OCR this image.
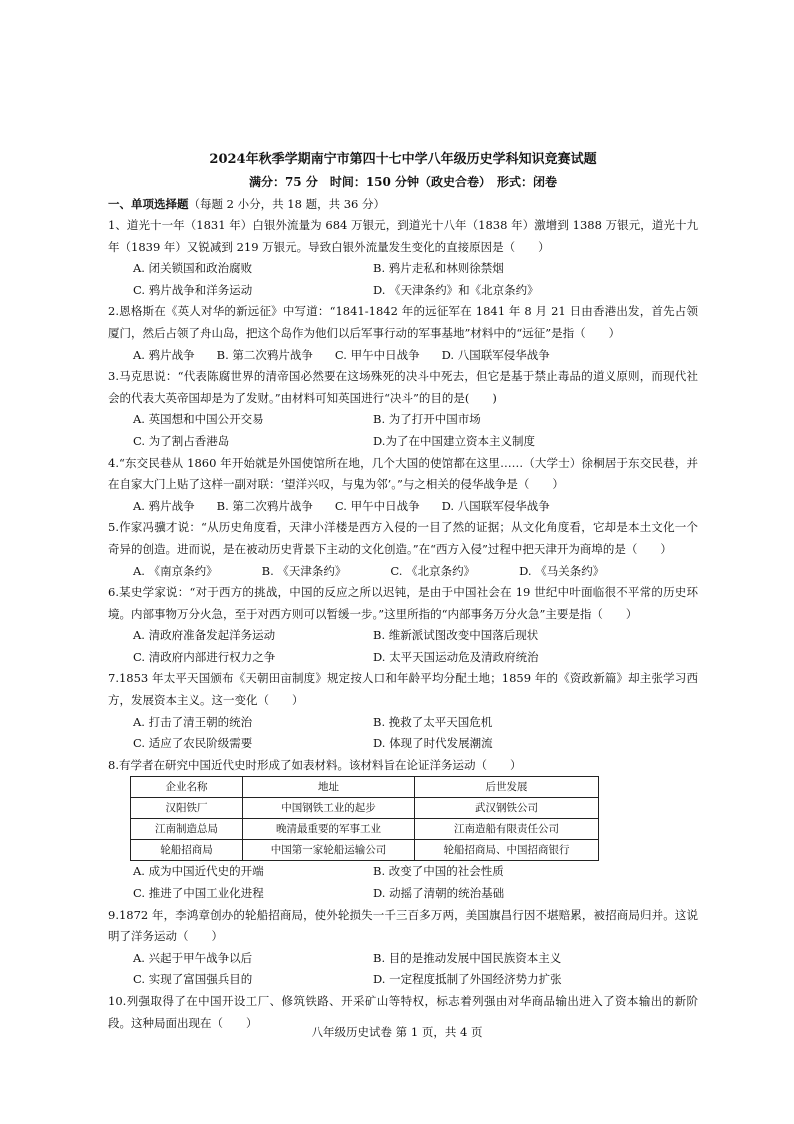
2024年秋季学期南宁市第四十七中学八年级历史学科知识竞赛试题
满分：75 分　时间：150 分钟（政史合卷）　形式：闭卷
一、单项选择题（每题 2 小分，共 18 题，共 36 分）

1、道光十一年（1831 年）白银外流量为 684 万银元，到道光十八年（1838 年）激增到 1388 万银元，道光十九年（1839 年）又锐减到 219 万银元。导致白银外流量发生变化的直接原因是（　　）

A. 闭关锁国和政治腐败	B. 鸦片走私和林则徐禁烟
C. 鸦片战争和洋务运动	D. 《天津条约》和《北京条约》

2.恩格斯在《英人对华的新远征》中写道：“1841-1842 年的远征军在 1841 年 8 月 21 日由香港出发，首先占领厦门，然后占领了舟山岛，把这个岛作为他们以后军事行动的军事基地”材料中的“远征”是指（　　）

A. 鸦片战争 B. 第二次鸦片战争 C. 甲午中日战争 D. 八国联军侵华战争

3.马克思说：“代表陈腐世界的清帝国必然要在这场殊死的决斗中死去，但它是基于禁止毒品的道义原则，而现代社会的代表大英帝国却是为了发财。”由材料可知英国进行“决斗”的目的是(　　)

A. 英国想和中国公开交易	B. 为了打开中国市场
C. 为了割占香港岛	D.为了在中国建立资本主义制度

4.“东交民巷从 1860 年开始就是外国使馆所在地，几个大国的使馆都在这里……（大学士）徐桐居于东交民巷，并在自家大门上贴了这样一副对联：‘望洋兴叹，与鬼为邻’。”与之相关的侵华战争是（　　）

A. 鸦片战争 B. 第二次鸦片战争 C. 甲午中日战争 D. 八国联军侵华战争

5.作家冯骥才说：“从历史角度看，天津小洋楼是西方入侵的一目了然的证据；从文化角度看，它却是本土文化一个奇异的创造。进而说，是在被动历史背景下主动的文化创造。”在“西方入侵”过程中把天津开为商埠的是（　　）

A. 《南京条约》	B. 《天津条约》	C. 《北京条约》	D. 《马关条约》

6.某史学家说：“对于西方的挑战，中国的反应之所以迟钝，是由于中国社会在 19 世纪中叶面临很不平常的历史环境。内部事物万分火急，至于对西方则可以暂缓一步。”这里所指的“内部事务万分火急”主要是指（　　）

A. 清政府准备发起洋务运动	B. 维新派试图改变中国落后现状
C. 清政府内部进行权力之争	D. 太平天国运动危及清政府统治

7.1853 年太平天国颁布《天朝田亩制度》规定按人口和年龄平均分配土地；1859 年的《资政新篇》却主张学习西方，发展资本主义。这一变化（　　）

A. 打击了清王朝的统治	B. 挽救了太平天国危机
C. 适应了农民阶级需要	D. 体现了时代发展潮流

8.有学者在研究中国近代史时形成了如表材料。该材料旨在论证洋务运动（　　）

企业名称	地址	后世发展
汉阳铁厂	中国钢铁工业的起步	武汉钢铁公司
江南制造总局	晚清最重要的军事工业	江南造船有限责任公司
轮船招商局	中国第一家轮船运输公司	轮船招商局、中国招商银行
A. 成为中国近代史的开端	B. 改变了中国的社会性质
C. 推进了中国工业化进程	D. 动摇了清朝的统治基础

9.1872 年，李鸿章创办的轮船招商局，使外轮损失一千三百多万两，美国旗昌行因不堪赔累，被招商局归并。这说明了洋务运动（　　）

A. 兴起于甲午战争以后	B. 目的是推动发展中国民族资本主义
C. 实现了富国强兵目的	D. 一定程度抵制了外国经济势力扩张

10.列强取得了在中国开设工厂、修筑铁路、开采矿山等特权，标志着列强由对华商品输出进入了资本输出的新阶段。这种局面出现在（　　）

八年级历史试卷 第 1 页，共 4 页
